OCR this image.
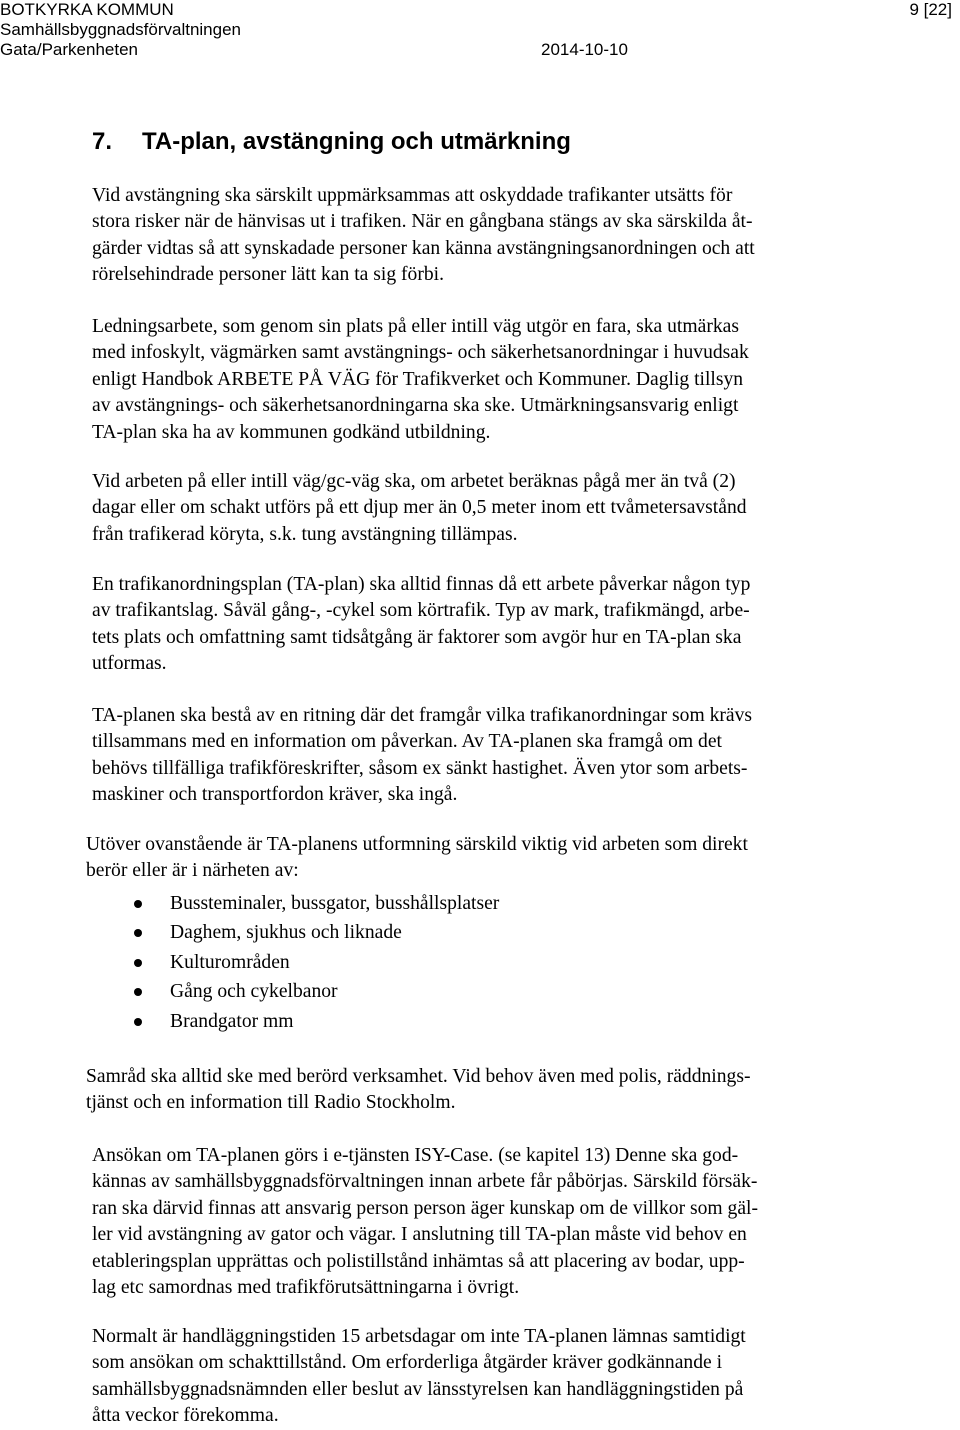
BOTKYRKA KOMMUN
Samhällsbyggnadsförvaltningen
Gata/Parkenheten	2014-10-10
9 [22]
7. TA-plan, avstängning och utmärkning

Vid avstängning ska särskilt uppmärksammas att oskyddade trafikanter utsätts för
stora risker när de hänvisas ut i trafiken. När en gångbana stängs av ska särskilda åt-
gärder vidtas så att synskadade personer kan känna avstängningsanordningen och att
rörelsehindrade personer lätt kan ta sig förbi.

Ledningsarbete, som genom sin plats på eller intill väg utgör en fara, ska utmärkas
med infoskylt, vägmärken samt avstängnings- och säkerhetsanordningar i huvudsak
enligt Handbok ARBETE PÅ VÄG för Trafikverket och Kommuner. Daglig tillsyn
av avstängnings- och säkerhetsanordningarna ska ske. Utmärkningsansvarig enligt
TA-plan ska ha av kommunen godkänd utbildning.

Vid arbeten på eller intill väg/gc-väg ska, om arbetet beräknas pågå mer än två (2)
dagar eller om schakt utförs på ett djup mer än 0,5 meter inom ett tvåmetersavstånd
från trafikerad köryta, s.k. tung avstängning tillämpas.

En trafikanordningsplan (TA-plan) ska alltid finnas då ett arbete påverkar någon typ
av trafikantslag. Såväl gång-, -cykel som körtrafik. Typ av mark, trafikmängd, arbe-
tets plats och omfattning samt tidsåtgång är faktorer som avgör hur en TA-plan ska
utformas.

TA-planen ska bestå av en ritning där det framgår vilka trafikanordningar som krävs
tillsammans med en information om påverkan. Av TA-planen ska framgå om det
behövs tillfälliga trafikföreskrifter, såsom ex sänkt hastighet. Även ytor som arbets-
maskiner och transportfordon kräver, ska ingå.

Utöver ovanstående är TA-planens utformning särskild viktig vid arbeten som direkt
berör eller är i närheten av:

Bussteminaler, bussgator, busshållsplatser
Daghem, sjukhus och liknade
Kulturområden
Gång och cykelbanor
Brandgator mm

Samråd ska alltid ske med berörd verksamhet. Vid behov även med polis, räddnings-
tjänst och en information till Radio Stockholm.

Ansökan om TA-planen görs i e-tjänsten ISY-Case. (se kapitel 13) Denne ska god-
kännas av samhällsbyggnadsförvaltningen innan arbete får påbörjas. Särskild försäk-
ran ska därvid finnas att ansvarig person person äger kunskap om de villkor som gäl-
ler vid avstängning av gator och vägar. I anslutning till TA-plan måste vid behov en
etableringsplan upprättas och polistillstånd inhämtas så att placering av bodar, upp-
lag etc samordnas med trafikförutsättningarna i övrigt.

Normalt är handläggningstiden 15 arbetsdagar om inte TA-planen lämnas samtidigt
som ansökan om schakttillstånd. Om erforderliga åtgärder kräver godkännande i
samhällsbyggnadsnämnden eller beslut av länsstyrelsen kan handläggningstiden på
åtta veckor förekomma.
